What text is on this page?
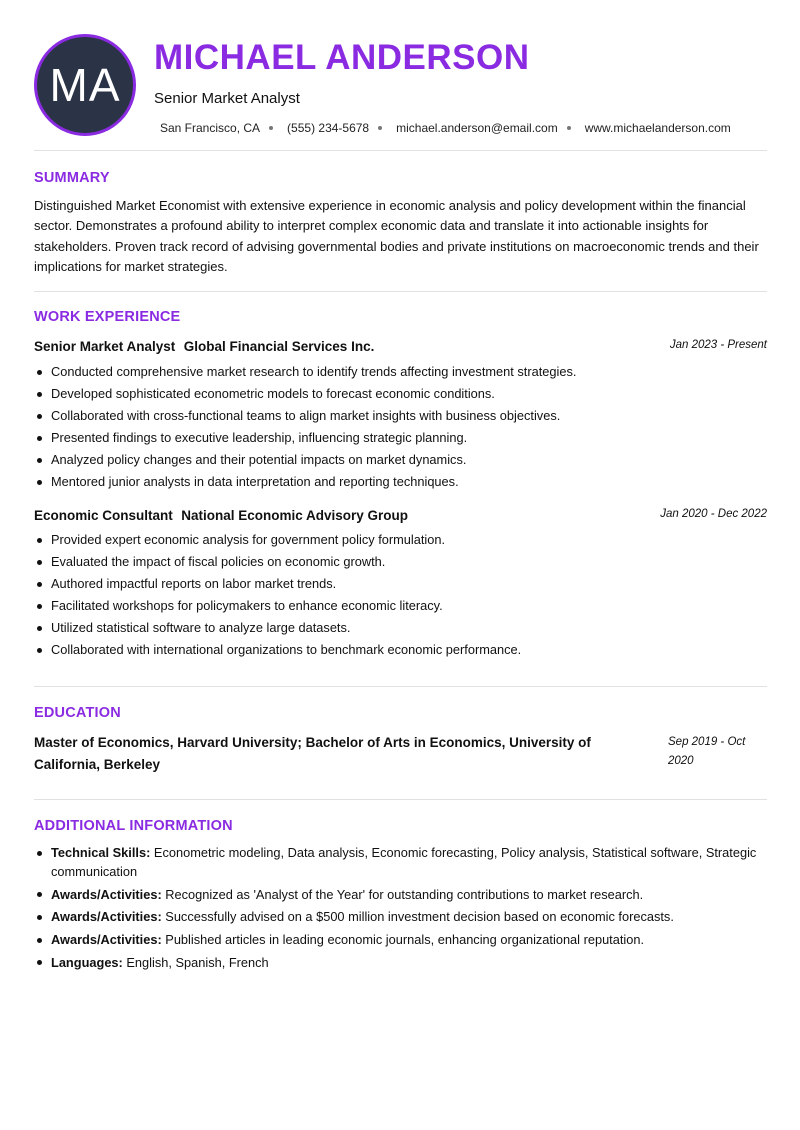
MA
MICHAEL ANDERSON
Senior Market Analyst
San Francisco, CA (555) 234-5678 michael.anderson@email.com www.michaelanderson.com
SUMMARY

Distinguished Market Economist with extensive experience in economic analysis and policy development within the financial sector. Demonstrates a profound ability to interpret complex economic data and translate it into actionable insights for stakeholders. Proven track record of advising governmental bodies and private institutions on macroeconomic trends and their implications for market strategies.

WORK EXPERIENCE
Senior Market Analyst Global Financial Services Inc.	Jan 2023 - Present
Conducted comprehensive market research to identify trends affecting investment strategies.
Developed sophisticated econometric models to forecast economic conditions.
Collaborated with cross-functional teams to align market insights with business objectives.
Presented findings to executive leadership, influencing strategic planning.
Analyzed policy changes and their potential impacts on market dynamics.
Mentored junior analysts in data interpretation and reporting techniques.
Economic Consultant National Economic Advisory Group	Jan 2020 - Dec 2022
Provided expert economic analysis for government policy formulation.
Evaluated the impact of fiscal policies on economic growth.
Authored impactful reports on labor market trends.
Facilitated workshops for policymakers to enhance economic literacy.
Utilized statistical software to analyze large datasets.
Collaborated with international organizations to benchmark economic performance.
EDUCATION
Master of Economics, Harvard University; Bachelor of Arts in Economics, University of California, Berkeley
Sep 2019 - Oct 2020
ADDITIONAL INFORMATION
Technical Skills: Econometric modeling, Data analysis, Economic forecasting, Policy analysis, Statistical software, Strategic communication
Awards/Activities: Recognized as 'Analyst of the Year' for outstanding contributions to market research.
Awards/Activities: Successfully advised on a $500 million investment decision based on economic forecasts.
Awards/Activities: Published articles in leading economic journals, enhancing organizational reputation.
Languages: English, Spanish, French
